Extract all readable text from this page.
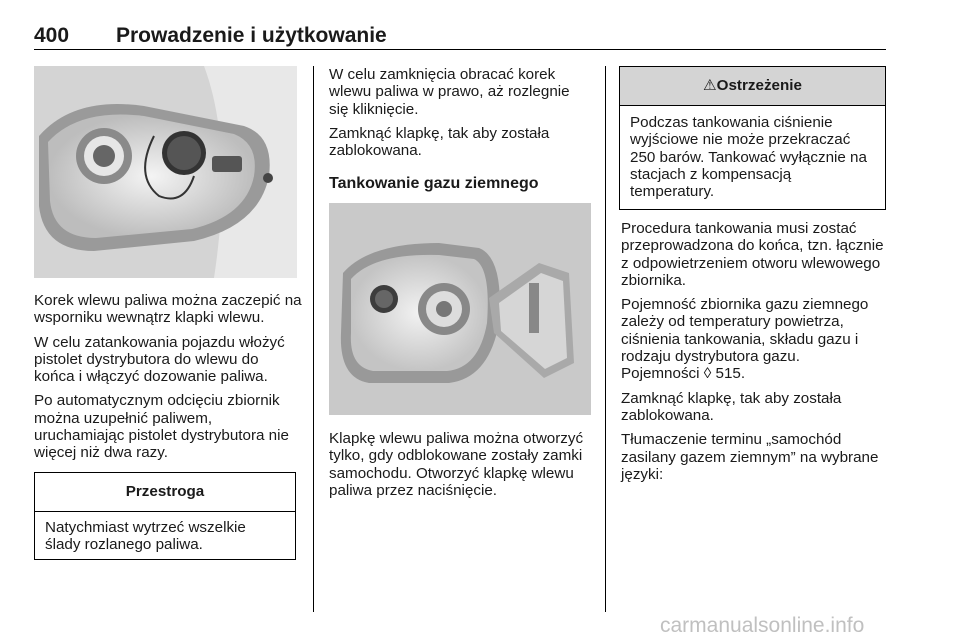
400 Prowadzenie i użytkowanie

Korek wlewu paliwa można zaczepić na wsporniku wewnątrz klapki wlewu.

W celu zatankowania pojazdu włożyć pistolet dystrybutora do wlewu do końca i włączyć dozowanie paliwa.

Po automatycznym odcięciu zbiornik można uzupełnić paliwem, uruchamiając pistolet dystrybutora nie więcej niż dwa razy.

Przestroga
Natychmiast wytrzeć wszelkie ślady rozlanego paliwa.

W celu zamknięcia obracać korek wlewu paliwa w prawo, aż rozlegnie się kliknięcie.

Zamknąć klapkę, tak aby została zablokowana.

Tankowanie gazu ziemnego

Klapkę wlewu paliwa można otworzyć tylko, gdy odblokowane zostały zamki samochodu. Otworzyć klapkę wlewu paliwa przez naciśnięcie.

⚠Ostrzeżenie
Podczas tankowania ciśnienie wyjściowe nie może przekraczać 250 barów. Tankować wyłącznie na stacjach z kompensacją temperatury.

Procedura tankowania musi zostać przeprowadzona do końca, tzn. łącznie z odpowietrzeniem otworu wlewowego zbiornika.

Pojemność zbiornika gazu ziemnego zależy od temperatury powietrza, ciśnienia tankowania, składu gazu i rodzaju dystrybutora gazu.
Pojemności ◊ 515.

Zamknąć klapkę, tak aby została zablokowana.

Tłumaczenie terminu „samochód zasilany gazem ziemnym” na wybrane języki:

carmanualsonline.info
